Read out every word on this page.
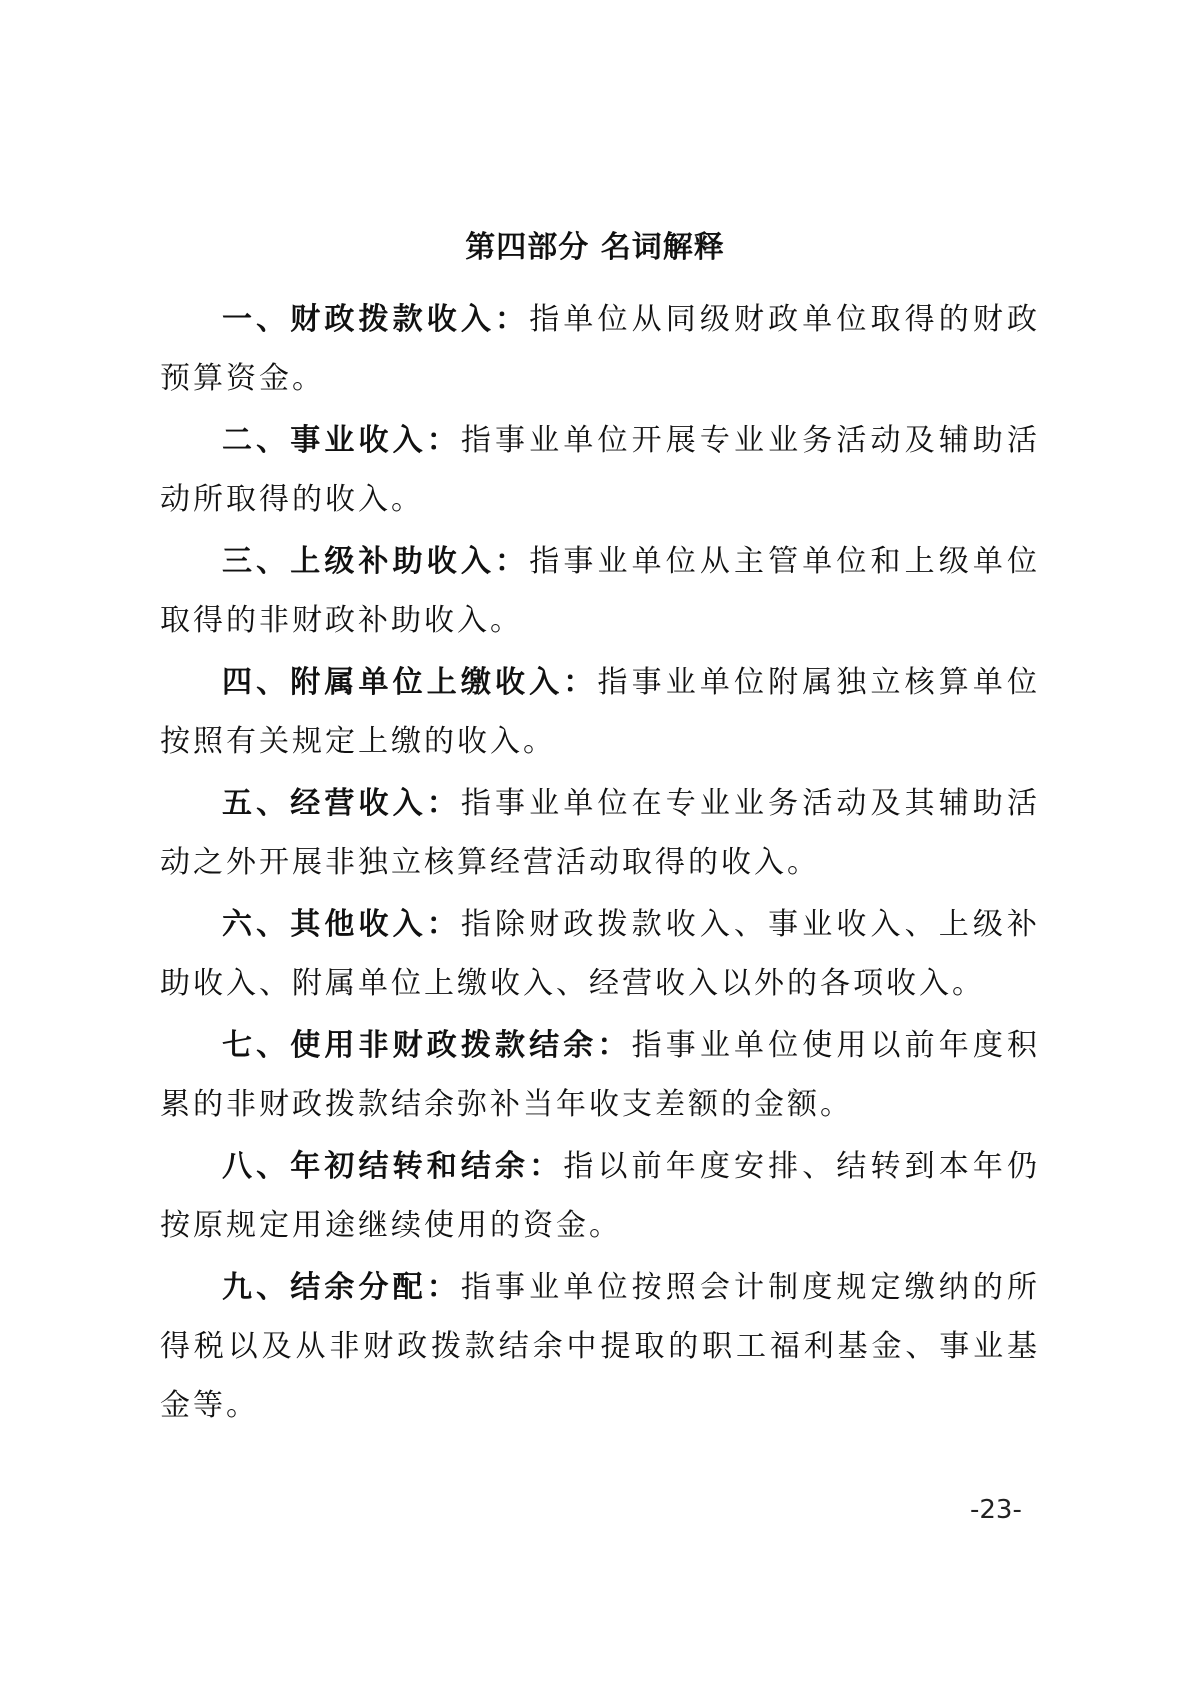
第四部分 名词解释

一、财政拨款收入：指单位从同级财政单位取得的财政预算资金。

二、事业收入：指事业单位开展专业业务活动及辅助活动所取得的收入。

三、上级补助收入：指事业单位从主管单位和上级单位取得的非财政补助收入。

四、附属单位上缴收入：指事业单位附属独立核算单位按照有关规定上缴的收入。

五、经营收入：指事业单位在专业业务活动及其辅助活动之外开展非独立核算经营活动取得的收入。

六、其他收入：指除财政拨款收入、事业收入、上级补助收入、附属单位上缴收入、经营收入以外的各项收入。

七、使用非财政拨款结余：指事业单位使用以前年度积累的非财政拨款结余弥补当年收支差额的金额。

八、年初结转和结余：指以前年度安排、结转到本年仍按原规定用途继续使用的资金。

九、结余分配：指事业单位按照会计制度规定缴纳的所得税以及从非财政拨款结余中提取的职工福利基金、事业基金等。

-23-
